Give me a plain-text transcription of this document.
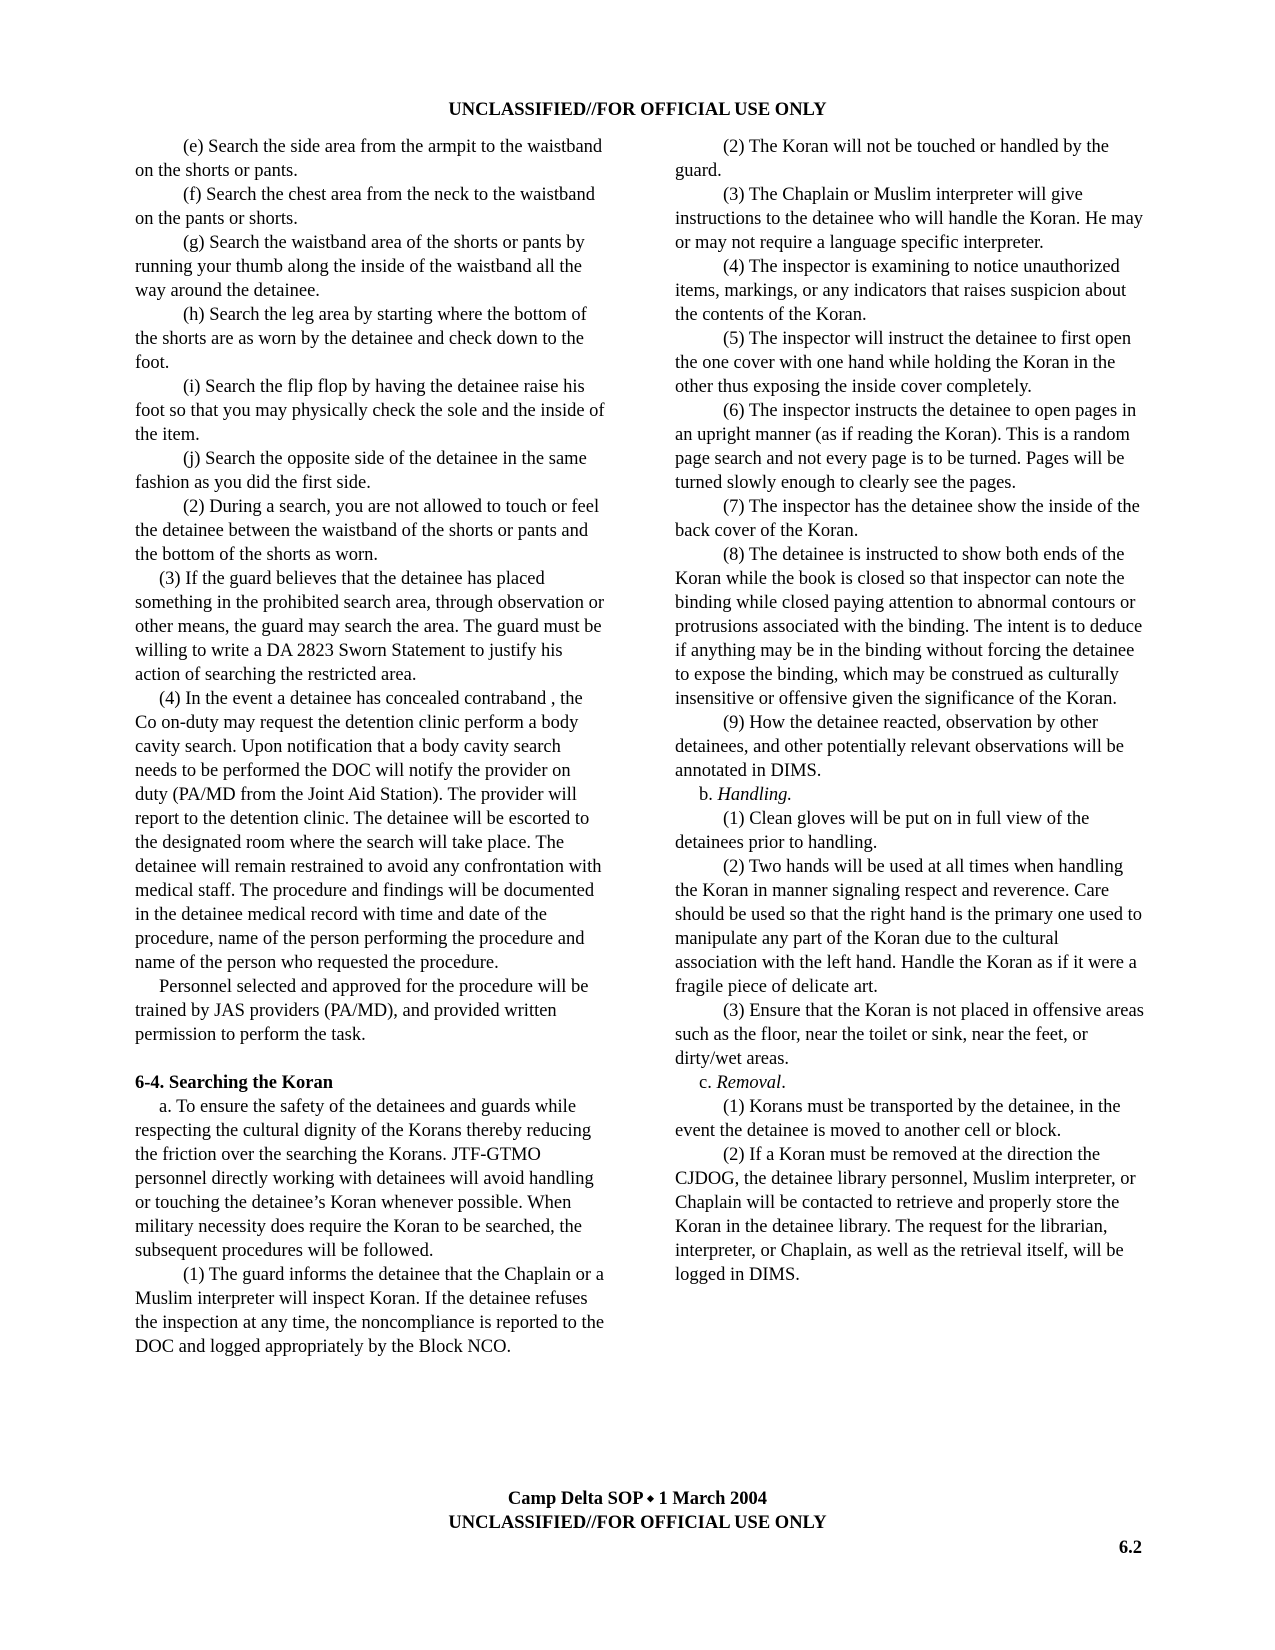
UNCLASSIFIED//FOR OFFICIAL USE ONLY

(e) Search the side area from the armpit to the waistband on the shorts or pants.

(f) Search the chest area from the neck to the waistband on the pants or shorts.

(g) Search the waistband area of the shorts or pants by running your thumb along the inside of the waistband all the way around the detainee.

(h) Search the leg area by starting where the bottom of the shorts are as worn by the detainee and check down to the foot.

(i) Search the flip flop by having the detainee raise his foot so that you may physically check the sole and the inside of the item.

(j) Search the opposite side of the detainee in the same fashion as you did the first side.

(2) During a search, you are not allowed to touch or feel the detainee between the waistband of the shorts or pants and the bottom of the shorts as worn.

(3) If the guard believes that the detainee has placed something in the prohibited search area, through observation or other means, the guard may search the area. The guard must be willing to write a DA 2823 Sworn Statement to justify his action of searching the restricted area.

(4) In the event a detainee has concealed contraband , the Co on-duty may request the detention clinic perform a body cavity search. Upon notification that a body cavity search needs to be performed the DOC will notify the provider on duty (PA/MD from the Joint Aid Station). The provider will report to the detention clinic. The detainee will be escorted to the designated room where the search will take place. The detainee will remain restrained to avoid any confrontation with medical staff. The procedure and findings will be documented in the detainee medical record with time and date of the procedure, name of the person performing the procedure and name of the person who requested the procedure.

Personnel selected and approved for the procedure will be trained by JAS providers (PA/MD), and provided written permission to perform the task.

6-4. Searching the Koran

a. To ensure the safety of the detainees and guards while respecting the cultural dignity of the Korans thereby reducing the friction over the searching the Korans. JTF-GTMO personnel directly working with detainees will avoid handling or touching the detainee’s Koran whenever possible. When military necessity does require the Koran to be searched, the subsequent procedures will be followed.

(1) The guard informs the detainee that the Chaplain or a Muslim interpreter will inspect Koran. If the detainee refuses the inspection at any time, the noncompliance is reported to the DOC and logged appropriately by the Block NCO.

(2) The Koran will not be touched or handled by the guard.

(3) The Chaplain or Muslim interpreter will give instructions to the detainee who will handle the Koran. He may or may not require a language specific interpreter.

(4) The inspector is examining to notice unauthorized items, markings, or any indicators that raises suspicion about the contents of the Koran.

(5) The inspector will instruct the detainee to first open the one cover with one hand while holding the Koran in the other thus exposing the inside cover completely.

(6) The inspector instructs the detainee to open pages in an upright manner (as if reading the Koran). This is a random page search and not every page is to be turned. Pages will be turned slowly enough to clearly see the pages.

(7) The inspector has the detainee show the inside of the back cover of the Koran.

(8) The detainee is instructed to show both ends of the Koran while the book is closed so that inspector can note the binding while closed paying attention to abnormal contours or protrusions associated with the binding. The intent is to deduce if anything may be in the binding without forcing the detainee to expose the binding, which may be construed as culturally insensitive or offensive given the significance of the Koran.

(9) How the detainee reacted, observation by other detainees, and other potentially relevant observations will be annotated in DIMS.

b. Handling.

(1) Clean gloves will be put on in full view of the detainees prior to handling.

(2) Two hands will be used at all times when handling the Koran in manner signaling respect and reverence. Care should be used so that the right hand is the primary one used to manipulate any part of the Koran due to the cultural association with the left hand. Handle the Koran as if it were a fragile piece of delicate art.

(3) Ensure that the Koran is not placed in offensive areas such as the floor, near the toilet or sink, near the feet, or dirty/wet areas.

c. Removal.

(1) Korans must be transported by the detainee, in the event the detainee is moved to another cell or block.

(2) If a Koran must be removed at the direction the CJDOG, the detainee library personnel, Muslim interpreter, or Chaplain will be contacted to retrieve and properly store the Koran in the detainee library. The request for the librarian, interpreter, or Chaplain, as well as the retrieval itself, will be logged in DIMS.

Camp Delta SOP ⬩ 1 March 2004
UNCLASSIFIED//FOR OFFICIAL USE ONLY
6.2
